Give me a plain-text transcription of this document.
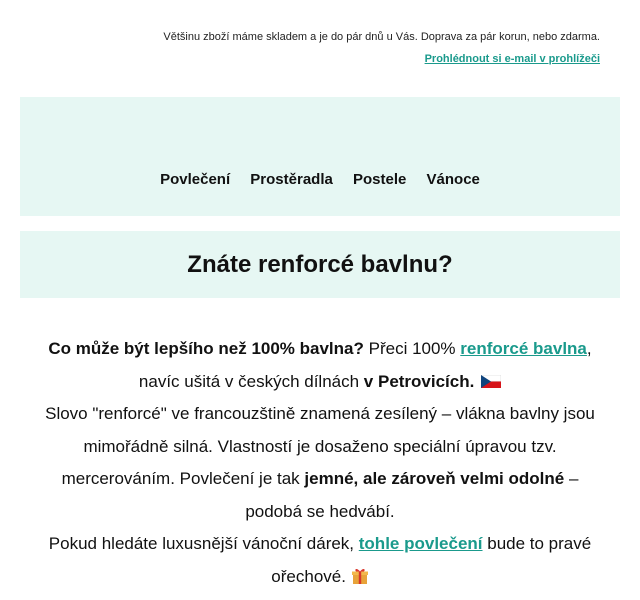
Většinu zboží máme skladem a je do pár dnů u Vás. Doprava za pár korun, nebo zdarma.
Prohlédnout si e-mail v prohlížeči
Povlečení Prostěradla Postele Vánoce
Znáte renforcé bavlnu?
Co může být lepšího než 100% bavlna? Přeci 100% renforcé bavlna, navíc ušitá v českých dílnách v Petrovicích.
Slovo "renforcé" ve francouzštině znamená zesílený – vlákna bavlny jsou mimořádně silná. Vlastností je dosaženo speciální úpravou tzv. mercerováním. Povlečení je tak jemné, ale zároveň velmi odolné – podobá se hedvábí.
Pokud hledáte luxusnější vánoční dárek, tohle povlečení bude to pravé ořechové.
